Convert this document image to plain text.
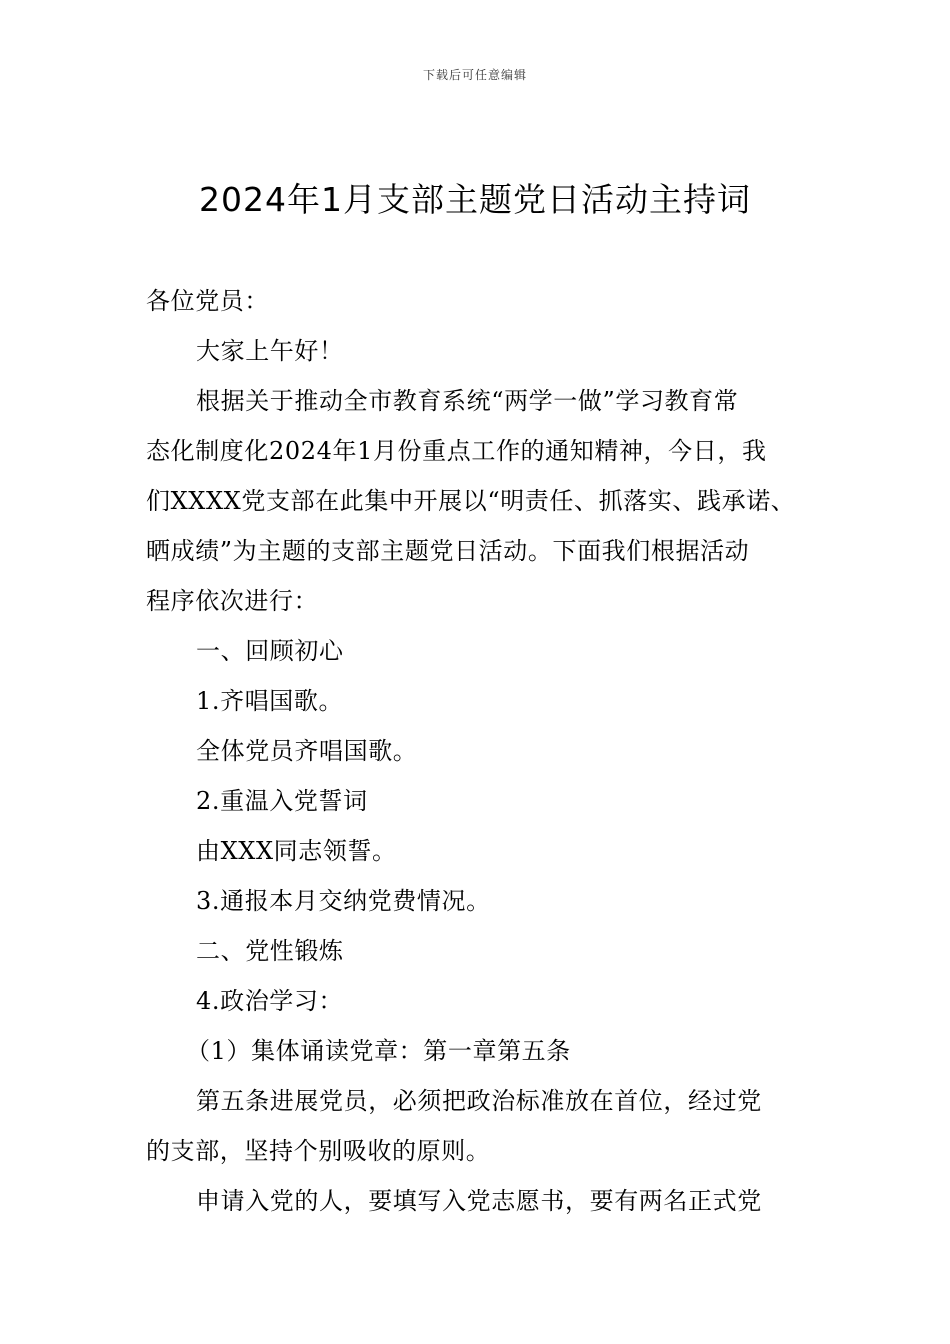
下载后可任意编辑
2024年1月支部主题党日活动主持词
各位党员：
大家上午好！
根据关于推动全市教育系统“两学一做”学习教育常
态化制度化2024年1月份重点工作的通知精神，今日，我
们XXXX党支部在此集中开展以“明责任、抓落实、践承诺、
晒成绩”为主题的支部主题党日活动。下面我们根据活动
程序依次进行：
一、回顾初心
1.齐唱国歌。
全体党员齐唱国歌。
2.重温入党誓词
由XXX同志领誓。
3.通报本月交纳党费情况。
二、党性锻炼
4.政治学习：
（1）集体诵读党章：第一章第五条
第五条进展党员，必须把政治标准放在首位，经过党
的支部，坚持个别吸收的原则。
申请入党的人，要填写入党志愿书，要有两名正式党
